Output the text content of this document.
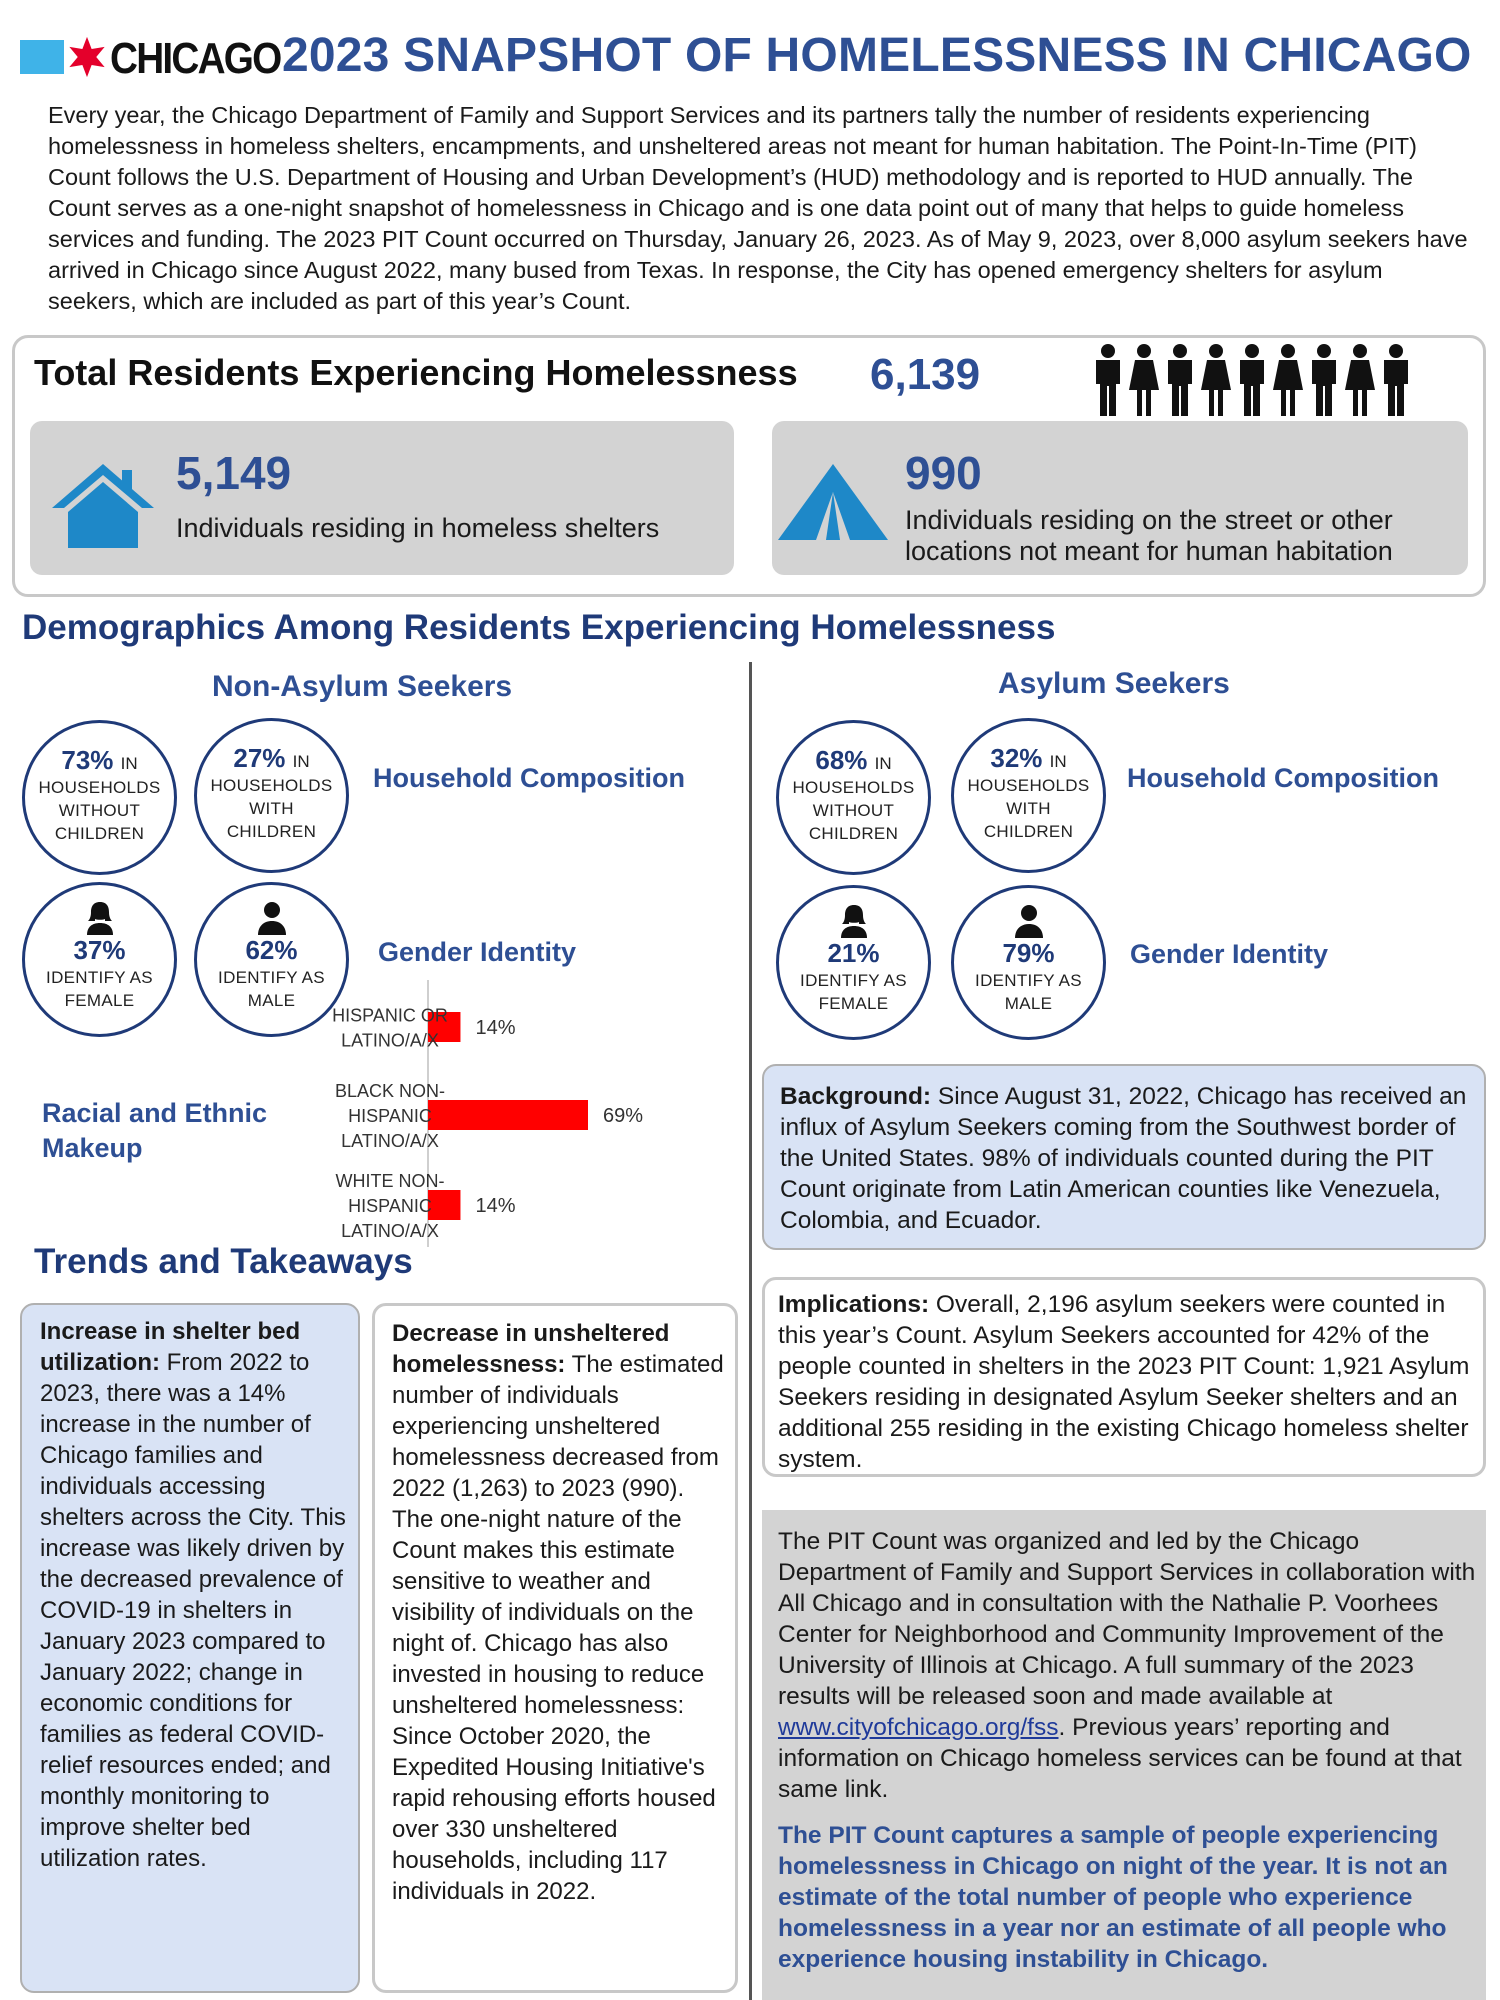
CHICAGO 2023 SNAPSHOT OF HOMELESSNESS IN CHICAGO

Every year, the Chicago Department of Family and Support Services and its partners tally the number of residents experiencing homelessness in homeless shelters, encampments, and unsheltered areas not meant for human habitation. The Point-In-Time (PIT) Count follows the U.S. Department of Housing and Urban Development’s (HUD) methodology and is reported to HUD annually. The Count serves as a one-night snapshot of homelessness in Chicago and is one data point out of many that helps to guide homeless services and funding. The 2023 PIT Count occurred on Thursday, January 26, 2023. As of May 9, 2023, over 8,000 asylum seekers have arrived in Chicago since August 2022, many bused from Texas. In response, the City has opened emergency shelters for asylum seekers, which are included as part of this year’s Count.

Total Residents Experiencing Homelessness 6,139
5,149
Individuals residing in homeless shelters
990
Individuals residing on the street or other locations not meant for human habitation
Demographics Among Residents Experiencing Homelessness
Non-Asylum Seekers	Asylum Seekers
73% IN
HOUSEHOLDS
WITHOUT
CHILDREN
27% IN
HOUSEHOLDS
WITH
CHILDREN
37%
IDENTIFY AS
FEMALE
62%
IDENTIFY AS
MALE
Household Composition
Gender Identity
68% IN
HOUSEHOLDS
WITHOUT
CHILDREN
32% IN
HOUSEHOLDS
WITH
CHILDREN
21%
IDENTIFY AS
FEMALE
79%
IDENTIFY AS
MALE
Household Composition
Gender Identity
Racial and Ethnic Makeup
14%
HISPANIC OR LATINO/A/X
69%
BLACK NON-HISPANIC LATINO/A/X
14%
WHITE NON-HISPANIC LATINO/A/X

Background: Since August 31, 2022, Chicago has received an influx of Asylum Seekers coming from the Southwest border of the United States. 98% of individuals counted during the PIT Count originate from Latin American counties like Venezuela, Colombia, and Ecuador.

Implications: Overall, 2,196 asylum seekers were counted in this year’s Count. Asylum Seekers accounted for 42% of the people counted in shelters in the 2023 PIT Count: 1,921 Asylum Seekers residing in designated Asylum Seeker shelters and an additional 255 residing in the existing Chicago homeless shelter system.

The PIT Count was organized and led by the Chicago Department of Family and Support Services in collaboration with All Chicago and in consultation with the Nathalie P. Voorhees Center for Neighborhood and Community Improvement of the University of Illinois at Chicago. A full summary of the 2023 results will be released soon and made available at www.cityofchicago.org/fss. Previous years’ reporting and information on Chicago homeless services can be found at that same link.

The PIT Count captures a sample of people experiencing homelessness in Chicago on night of the year. It is not an estimate of the total number of people who experience homelessness in a year nor an estimate of all people who experience housing instability in Chicago.

Trends and Takeaways

Increase in shelter bed utilization: From 2022 to 2023, there was a 14% increase in the number of Chicago families and individuals accessing shelters across the City. This increase was likely driven by the decreased prevalence of COVID-19 in shelters in January 2023 compared to January 2022; change in economic conditions for families as federal COVID-relief resources ended; and monthly monitoring to improve shelter bed utilization rates.

Decrease in unsheltered homelessness: The estimated number of individuals experiencing unsheltered homelessness decreased from 2022 (1,263) to 2023 (990). The one-night nature of the Count makes this estimate sensitive to weather and visibility of individuals on the night of. Chicago has also invested in housing to reduce unsheltered homelessness: Since October 2020, the Expedited Housing Initiative's rapid rehousing efforts housed over 330 unsheltered households, including 117 individuals in 2022.
